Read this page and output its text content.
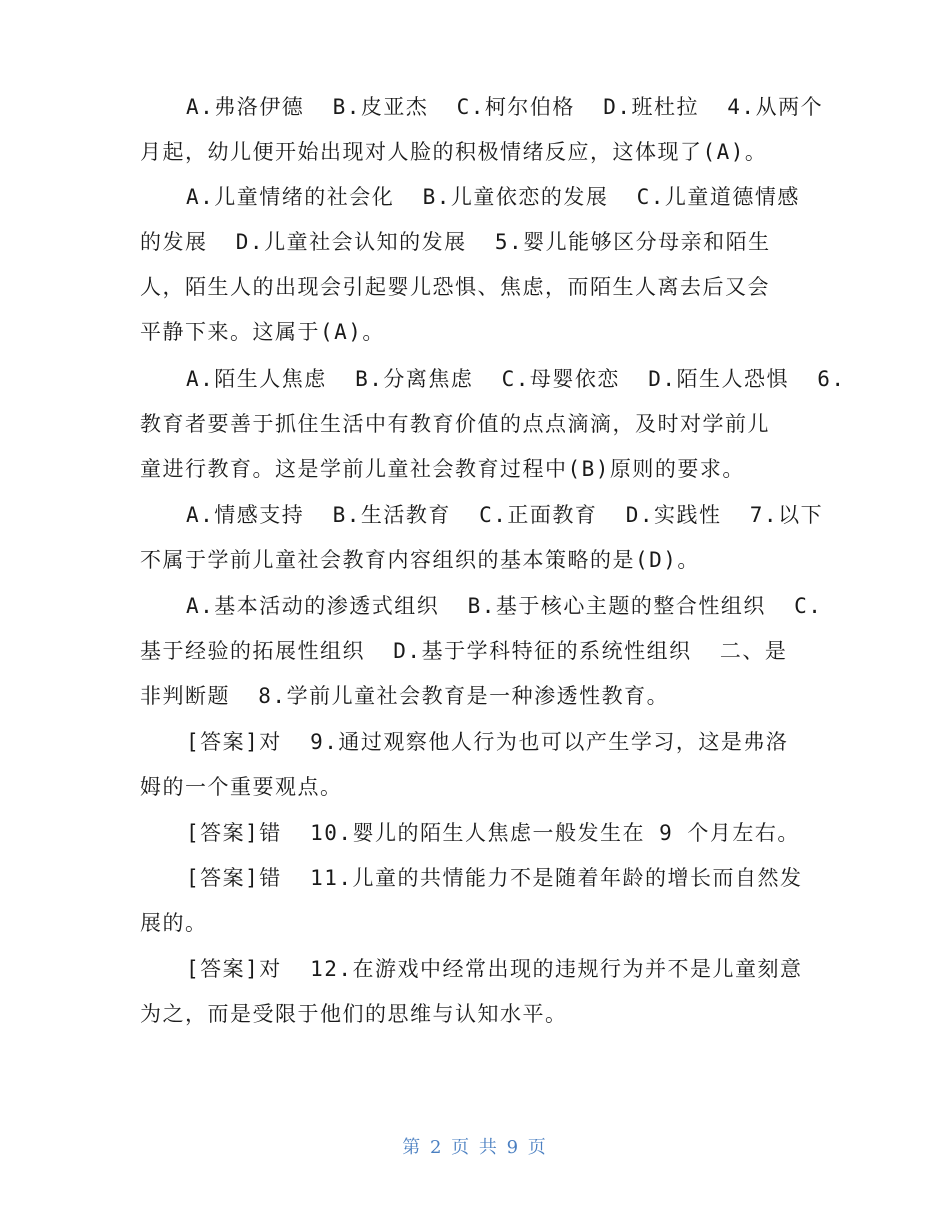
A.弗洛伊德  B.皮亚杰  C.柯尔伯格  D.班杜拉  4.从两个
月起，幼儿便开始出现对人脸的积极情绪反应，这体现了(A)。
A.儿童情绪的社会化  B.儿童依恋的发展  C.儿童道德情感
的发展  D.儿童社会认知的发展  5.婴儿能够区分母亲和陌生
人，陌生人的出现会引起婴儿恐惧、焦虑，而陌生人离去后又会
平静下来。这属于(A)。
A.陌生人焦虑  B.分离焦虑  C.母婴依恋  D.陌生人恐惧  6.
教育者要善于抓住生活中有教育价值的点点滴滴，及时对学前儿
童进行教育。这是学前儿童社会教育过程中(B)原则的要求。
A.情感支持  B.生活教育  C.正面教育  D.实践性  7.以下
不属于学前儿童社会教育内容组织的基本策略的是(D)。
A.基本活动的渗透式组织  B.基于核心主题的整合性组织  C.
基于经验的拓展性组织  D.基于学科特征的系统性组织  二、是
非判断题  8.学前儿童社会教育是一种渗透性教育。
[答案]对  9.通过观察他人行为也可以产生学习，这是弗洛
姆的一个重要观点。
[答案]错  10.婴儿的陌生人焦虑一般发生在 9 个月左右。
[答案]错  11.儿童的共情能力不是随着年龄的增长而自然发
展的。
[答案]对  12.在游戏中经常出现的违规行为并不是儿童刻意
为之，而是受限于他们的思维与认知水平。
第 2 页 共 9 页
